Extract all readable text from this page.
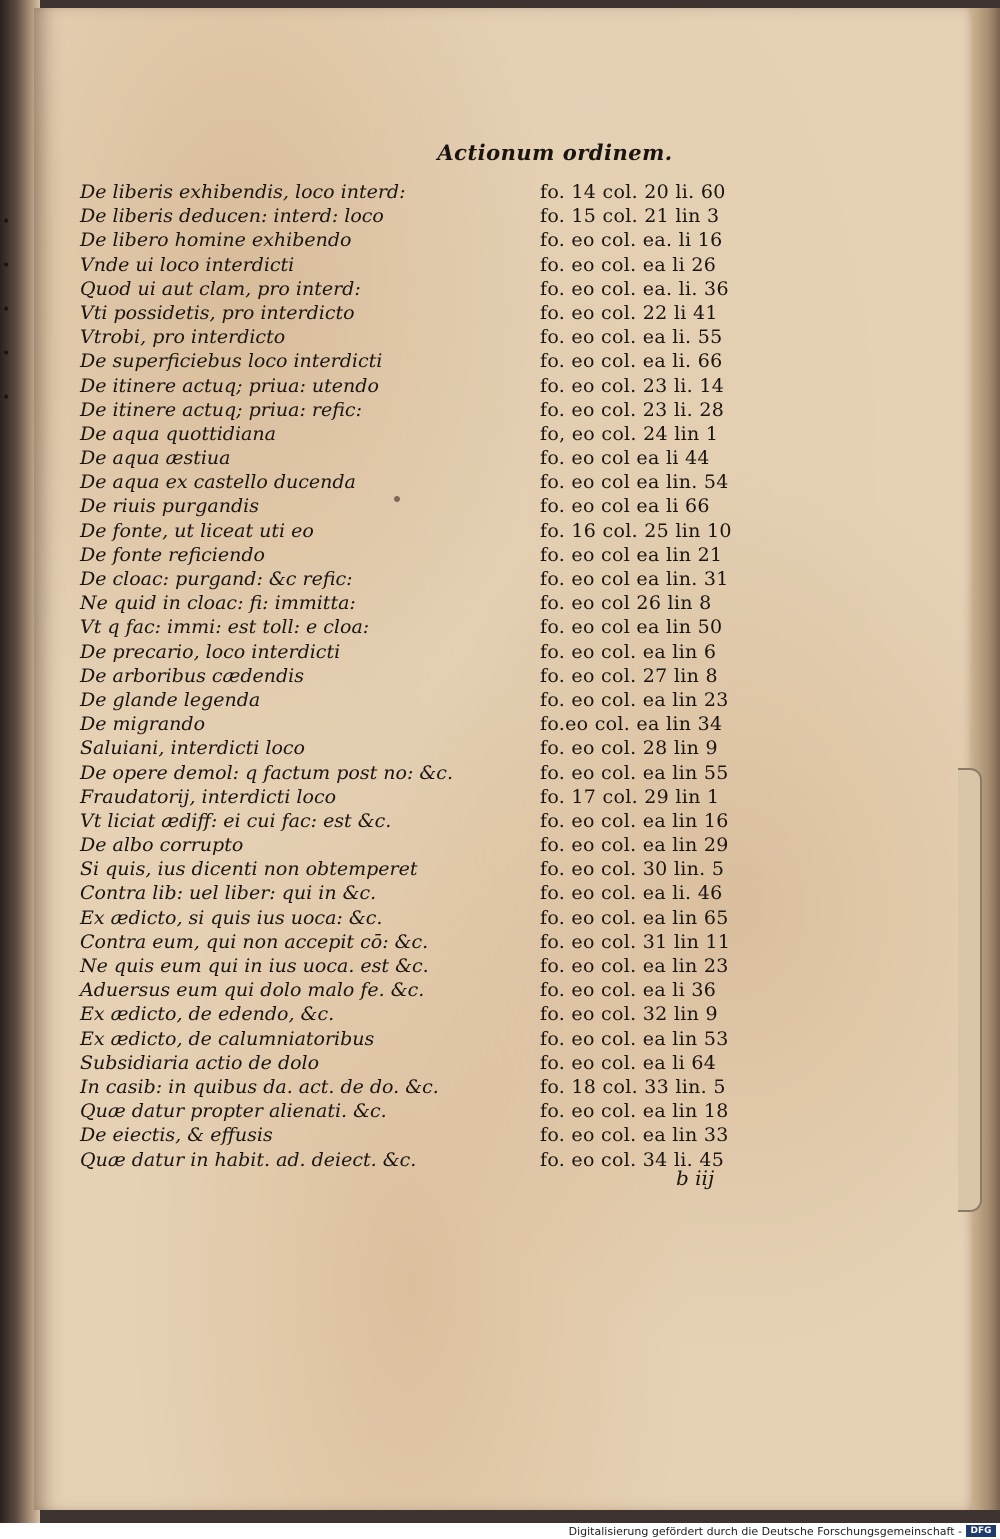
•
•
•
•
•
Actionum ordinem.
De liberis exhibendis, loco interd:	fo. 14 col. 20 li. 60
De liberis deducen: interd: loco	fo. 15 col. 21 lin 3
De libero homine exhibendo	fo. eo col. ea. li 16
Vnde ui loco interdicti	fo. eo col. ea li 26
Quod ui aut clam, pro interd:	fo. eo col. ea. li. 36
Vti possidetis, pro interdicto	fo. eo col. 22 li 41
Vtrobi, pro interdicto	fo. eo col. ea li. 55
De superficiebus loco interdicti	fo. eo col. ea li. 66
De itinere actuq; priua: utendo	fo. eo col. 23 li. 14
De itinere actuq; priua: refic:	fo. eo col. 23 li. 28
De aqua quottidiana	fo, eo col. 24 lin 1
De aqua æstiua	fo. eo col ea li 44
De aqua ex castello ducenda	fo. eo col ea lin. 54
De riuis purgandis	fo. eo col ea li 66
De fonte, ut liceat uti eo	fo. 16 col. 25 lin 10
De fonte reficiendo	fo. eo col ea lin 21
De cloac: purgand: &c refic:	fo. eo col ea lin. 31
Ne quid in cloac: fi: immitta:	fo. eo col 26 lin 8
Vt q fac: immi: est toll: e cloa:	fo. eo col ea lin 50
De precario, loco interdicti	fo. eo col. ea lin 6
De arboribus cædendis	fo. eo col. 27 lin 8
De glande legenda	fo. eo col. ea lin 23
De migrando	fo.eo col. ea lin 34
Saluiani, interdicti loco	fo. eo col. 28 lin 9
De opere demol: q factum post no: &c.	fo. eo col. ea lin 55
Fraudatorij, interdicti loco	fo. 17 col. 29 lin 1
Vt liciat ædiff: ei cui fac: est &c.	fo. eo col. ea lin 16
De albo corrupto	fo. eo col. ea lin 29
Si quis, ius dicenti non obtemperet	fo. eo col. 30 lin. 5
Contra lib: uel liber: qui in &c.	fo. eo col. ea li. 46
Ex ædicto, si quis ius uoca: &c.	fo. eo col. ea lin 65
Contra eum, qui non accepit cō: &c.	fo. eo col. 31 lin 11
Ne quis eum qui in ius uoca. est &c.	fo. eo col. ea lin 23
Aduersus eum qui dolo malo fe. &c.	fo. eo col. ea li 36
Ex ædicto, de edendo, &c.	fo. eo col. 32 lin 9
Ex ædicto, de calumniatoribus	fo. eo col. ea lin 53
Subsidiaria actio de dolo	fo. eo col. ea li 64
In casib: in quibus da. act. de do. &c.	fo. 18 col. 33 lin. 5
Quæ datur propter alienati. &c.	fo. eo col. ea lin 18
De eiectis, & effusis	fo. eo col. ea lin 33
Quæ datur in habit. ad. deiect. &c.	fo. eo col. 34 li. 45
b iij
Digitalisierung gefördert durch die Deutsche Forschungsgemeinschaft - DFG
